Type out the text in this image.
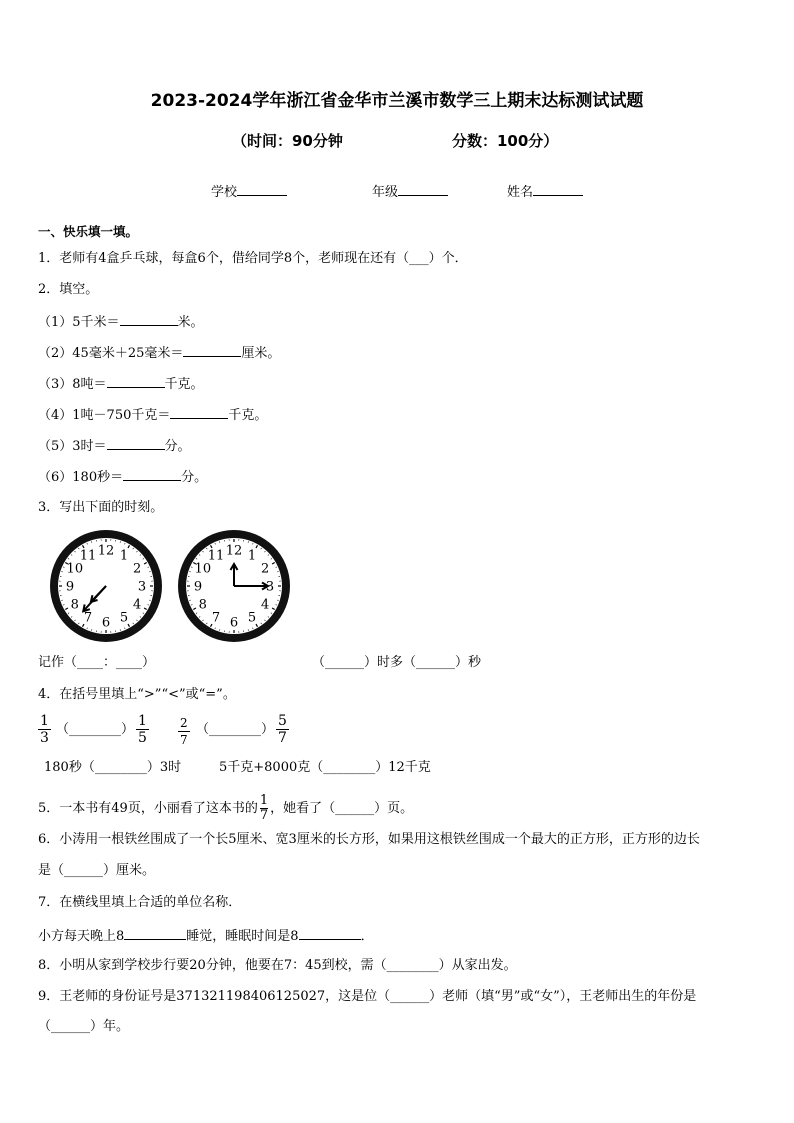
2023-2024学年浙江省金华市兰溪市数学三上期末达标测试试题
（时间：90分钟	分数：100分）
学校	年级	姓名
一、快乐填一填。
1．老师有4盒乒乓球，每盒6个，借给同学8个，老师现在还有（___）个．
2．填空。
（1）5千米＝	米。
（2）45毫米＋25毫米＝	厘米。
（3）8吨＝	千克。
（4）1吨－750千克＝	千克。
（5）3时＝	分。
（6）180秒＝	分。
3．写出下面的时刻。
12 1
2
3
4
5
6
7
8
9
10
11	12 1
2
3
4
5
6
7
8
9
10
11
记作（____：____）	（______）时多（______）秒
4．在括号里填上“>”“<”或“=”。
$\frac{1}{3}$ （________） $\frac{1}{5} \frac{2}{7}$ （________） $\frac{5}{7}$
180秒（________）3时	5千克+8000克（________）12千克
5．一本书有49页，小丽看了这本书的 $\frac{1}{7}$ ，她看了（______）页。
6．小涛用一根铁丝围成了一个长5厘米、宽3厘米的长方形，如果用这根铁丝围成一个最大的正方形，正方形的边长
是（______）厘米。
7．在横线里填上合适的单位名称．
小方每天晚上8	睡觉，睡眠时间是8	．
8．小明从家到学校步行要20分钟，他要在7：45到校，需（________）从家出发。
9．王老师的身份证号是371321198406125027，这是位（______）老师（填“男”或“女”），王老师出生的年份是
（______）年。
